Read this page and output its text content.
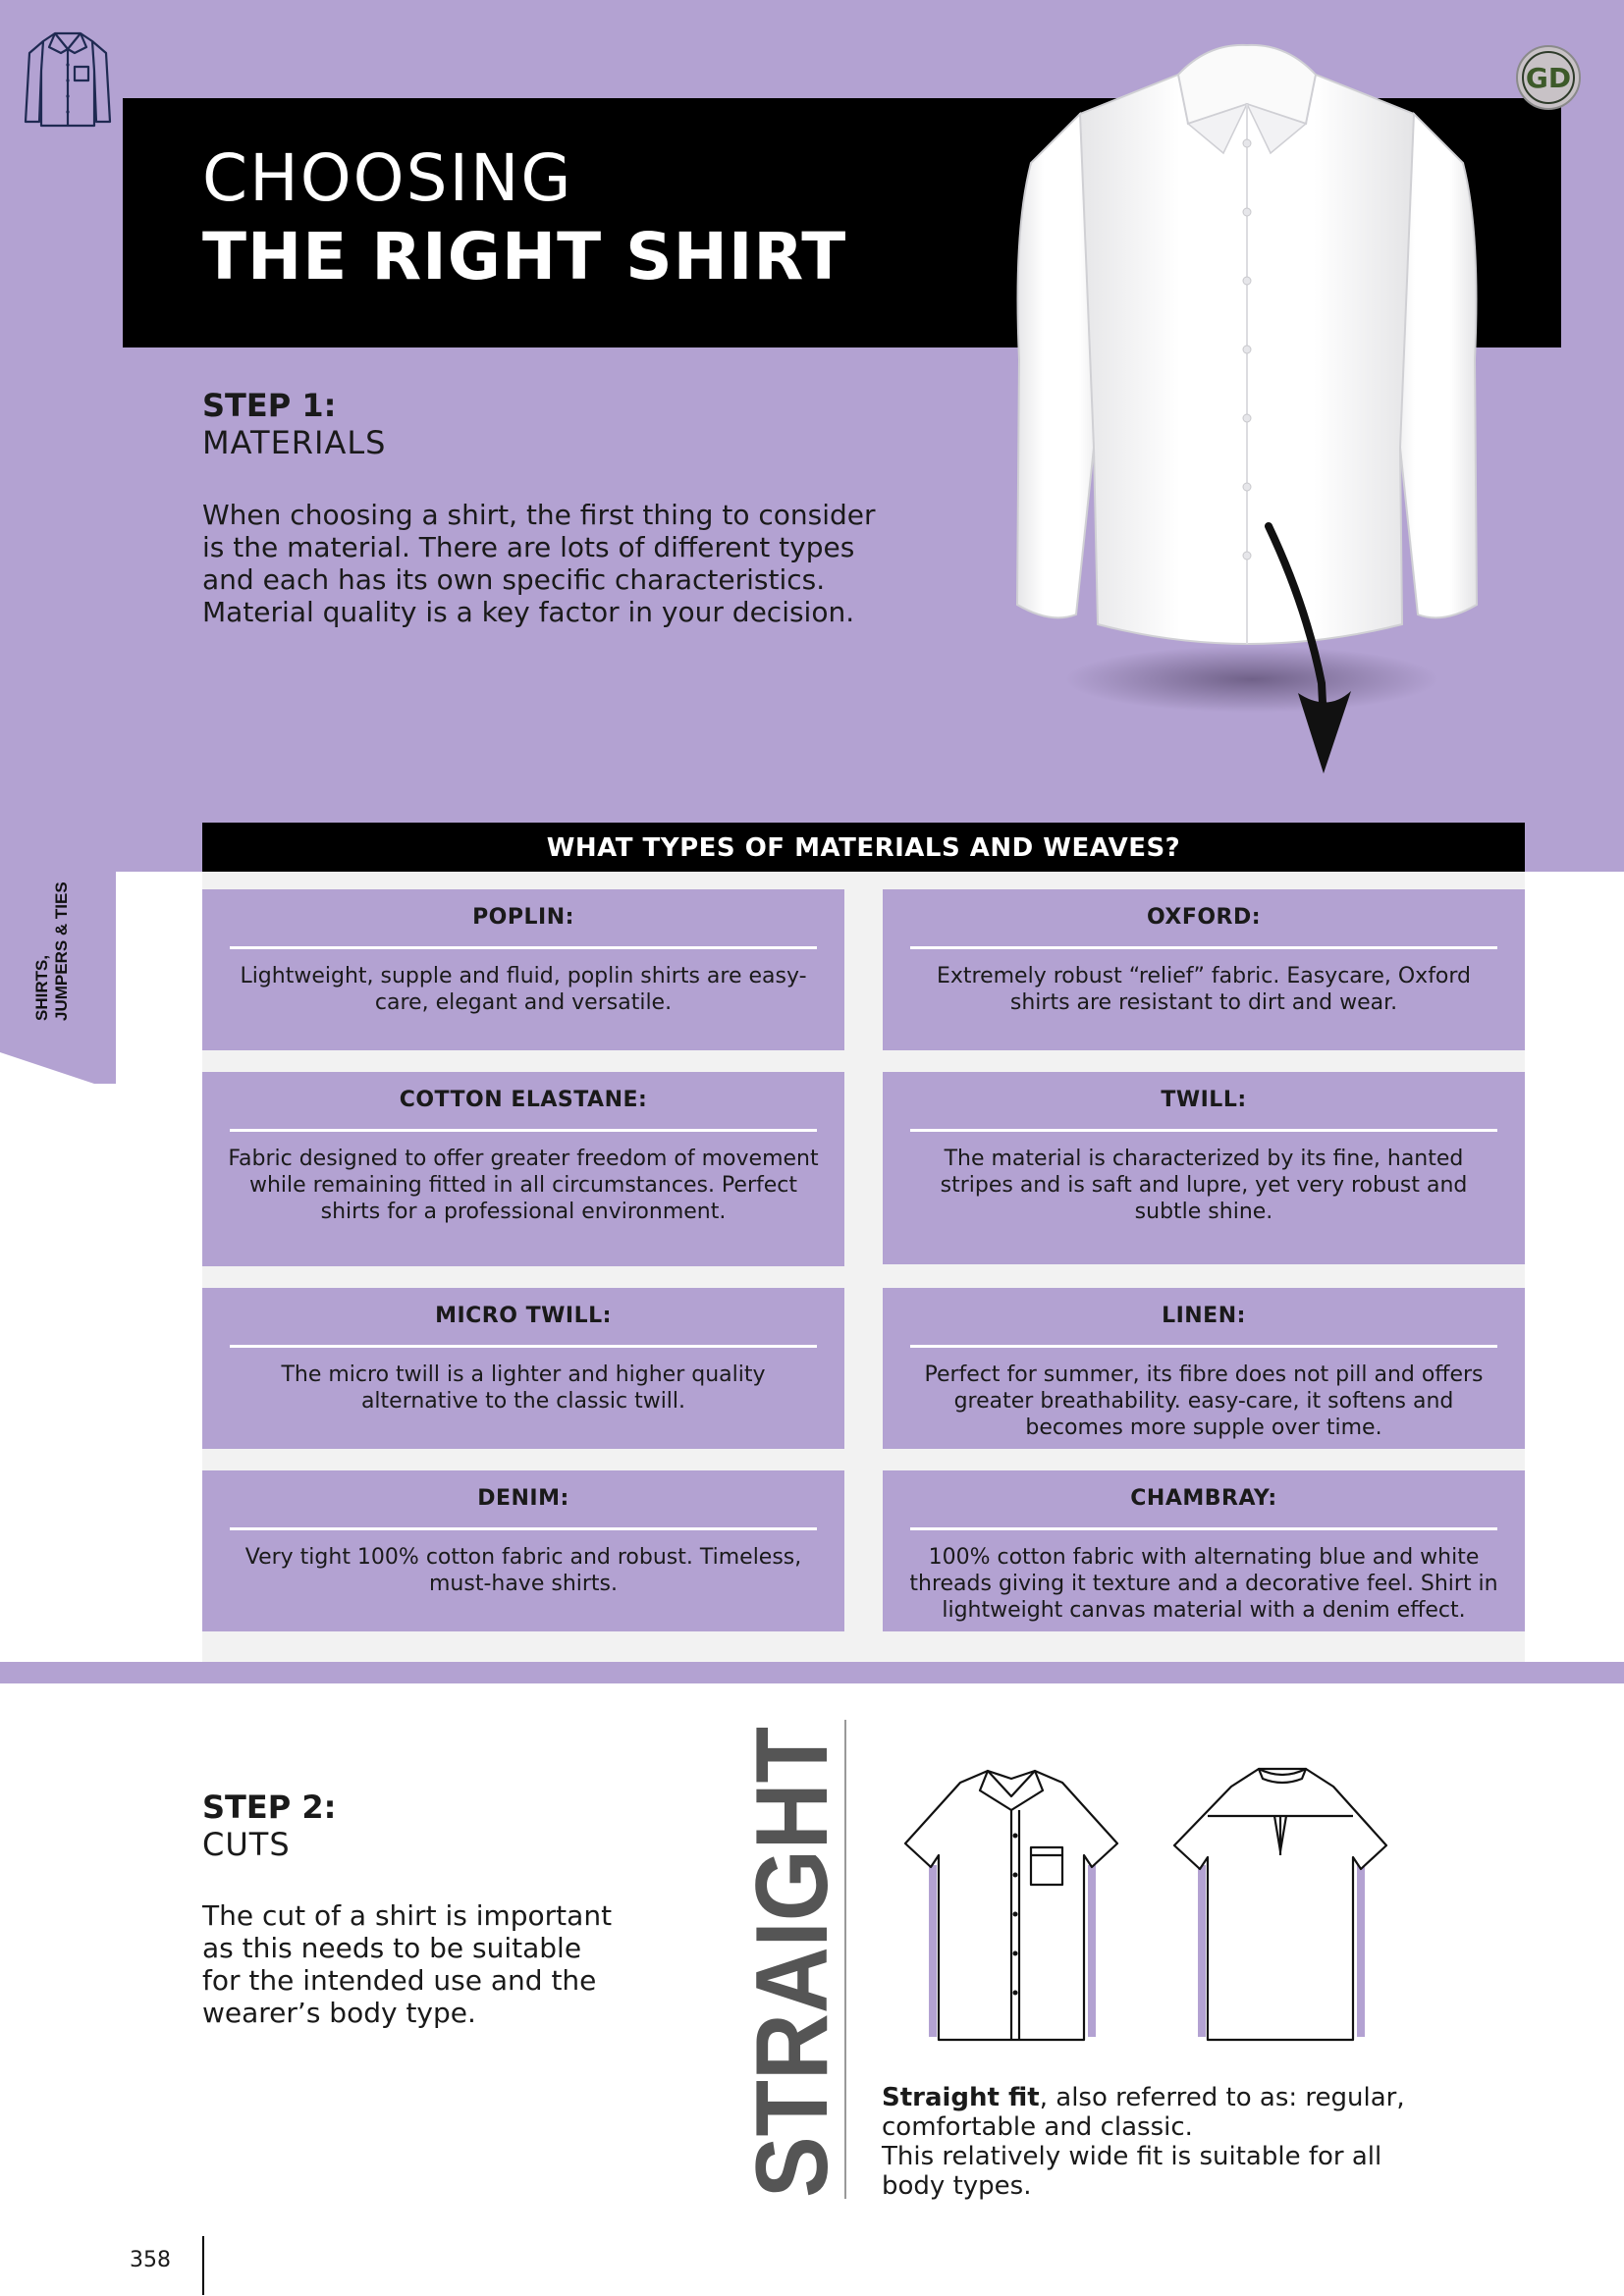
CHOOSING
THE RIGHT SHIRT
GD
STEP 1:
MATERIALS

When choosing a shirt, the first thing to consider is the material. There are lots of different types and each has its own specific characteristics.

Material quality is a key factor in your decision.

WHAT TYPES OF MATERIALS AND WEAVES?
POPLIN:
Lightweight, supple and fluid, poplin shirts are easy-care, elegant and versatile.
OXFORD:
Extremely robust “relief” fabric. Easycare, Oxford shirts are resistant to dirt and wear.
COTTON ELASTANE:
Fabric designed to offer greater freedom of movement while remaining fitted in all circumstances. Perfect shirts for a professional environment.
TWILL:
The material is characterized by its fine, hanted stripes and is saft and lupre, yet very robust and subtle shine.
MICRO TWILL:
The micro twill is a lighter and higher quality alternative to the classic twill.
LINEN:
Perfect for summer, its fibre does not pill and offers greater breathability. easy-care, it softens and becomes more supple over time.
DENIM:
Very tight 100% cotton fabric and robust. Timeless, must-have shirts.
CHAMBRAY:
100% cotton fabric with alternating blue and white threads giving it texture and a decorative feel. Shirt in lightweight canvas material with a denim effect.
SHIRTS, JUMPERS & TIES
STEP 2:
CUTS
The cut of a shirt is important as this needs to be suitable for the intended use and the wearer’s body type.	STRAIGHT Straight fit, also referred to as: regular, comfortable and classic.

This relatively wide fit is suitable for all body types.

358
